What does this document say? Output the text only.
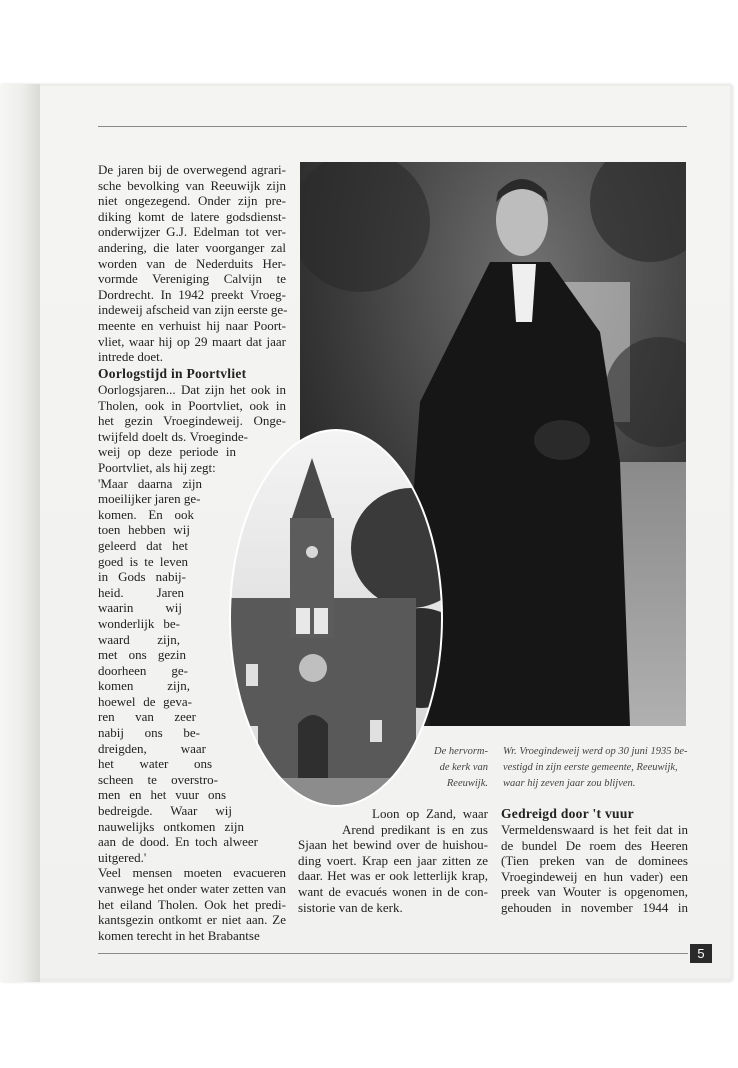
De jaren bij de overwegend agrari-
sche bevolking van Reeuwijk zijn
niet ongezegend. Onder zijn pre-
diking komt de latere godsdienst-
onderwijzer G.J. Edelman tot ver-
andering, die later voorganger zal
worden van de Nederduits Her-
vormde Vereniging Calvijn te
Dordrecht. In 1942 preekt Vroeg-
indeweij afscheid van zijn eerste ge-
meente en verhuist hij naar Poort-
vliet, waar hij op 29 maart dat jaar
intrede doet.
Oorlogstijd in Poortvliet
Oorlogsjaren... Dat zijn het ook in
Tholen, ook in Poortvliet, ook in
het gezin Vroegindeweij. Onge-
twijfeld doelt ds. Vroeginde-
weij op deze periode in
Poortvliet, als hij zegt:
'Maar daarna zijn
moeilijker jaren ge-
komen. En ook
toen hebben wij
geleerd dat het
goed is te leven
in Gods nabij-
heid. Jaren
waarin wij
wonderlijk be-
waard zijn,
met ons gezin
doorheen ge-
komen zijn,
hoewel de geva-
ren van zeer
nabij ons be-
dreigden, waar
het water ons
scheen te overstro-
men en het vuur ons
bedreigde. Waar wij
nauwelijks ontkomen zijn
aan de dood. En toch alweer
uitgered.'
Veel mensen moeten evacueren
vanwege het onder water zetten van
het eiland Tholen. Ook het predi-
kantsgezin ontkomt er niet aan. Ze
komen terecht in het Brabantse
Wr. Vroegindeweij werd op 30 juni 1935 be-
vestigd in zijn eerste gemeente, Reeuwijk,
waar hij zeven jaar zou blijven.
De hervorm-
de kerk van
Reeuwijk.
Loon op Zand, waar
Arend predikant is en zus
Sjaan het bewind over de huishou-
ding voert. Krap een jaar zitten ze
daar. Het was er ook letterlijk krap,
want de evacués wonen in de con-
sistorie van de kerk.
Gedreigd door 't vuur
Vermeldenswaard is het feit dat in
de bundel De roem des Heeren
(Tien preken van de dominees
Vroegindeweij en hun vader) een
preek van Wouter is opgenomen,
gehouden in november 1944 in
5
